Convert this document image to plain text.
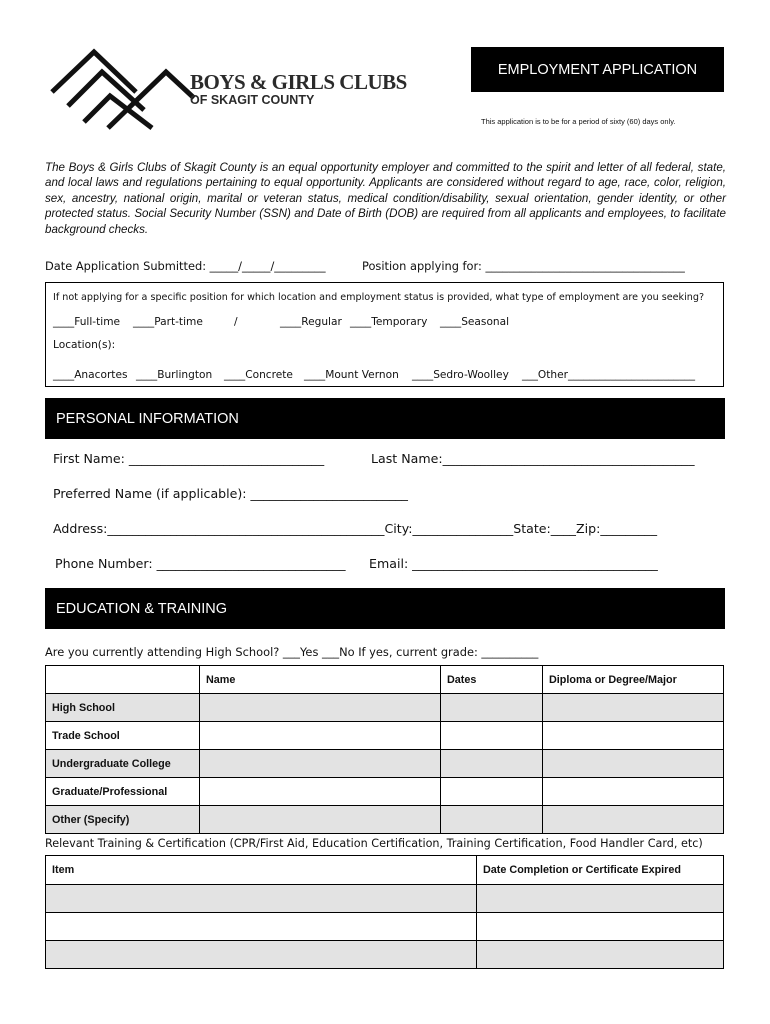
BOYS & GIRLS CLUBS
OF SKAGIT COUNTY
EMPLOYMENT APPLICATION
This application is to be for a period of sixty (60) days only.
The Boys & Girls Clubs of Skagit County is an equal opportunity employer and committed to the spirit and letter of all federal, state, and local laws and regulations pertaining to equal opportunity. Applicants are considered without regard to age, race, color, religion, sex, ancestry, national origin, marital or veteran status, medical condition/disability, sexual orientation, gender identity, or other protected status. Social Security Number (SSN) and Date of Birth (DOB) are required from all applicants and employees, to facilitate background checks.
Date Application Submitted: _____/_____/_________	Position applying for: ___________________________________
If not applying for a specific position for which location and employment status is provided, what type of employment are you seeking?
____Full-time ____Part-time	/	____Regular ____Temporary ____Seasonal
Location(s):
____Anacortes ____Burlington ____Concrete ____Mount Vernon ____Sedro-Woolley ___Other________________________
PERSONAL INFORMATION
First Name: _______________________________	Last Name:________________________________________
Preferred Name (if applicable): _________________________
Address:____________________________________________City:________________State:____Zip:_________
Phone Number: ______________________________ Email: _______________________________________
EDUCATION & TRAINING
Are you currently attending High School? ___Yes ___No If yes, current grade: __________
	Name	Dates	Diploma or Degree/Major
High School			
Trade School			
Undergraduate College			
Graduate/Professional			
Other (Specify)			
Relevant Training & Certification (CPR/First Aid, Education Certification, Training Certification, Food Handler Card, etc)
Item	Date Completion or Certificate Expired
